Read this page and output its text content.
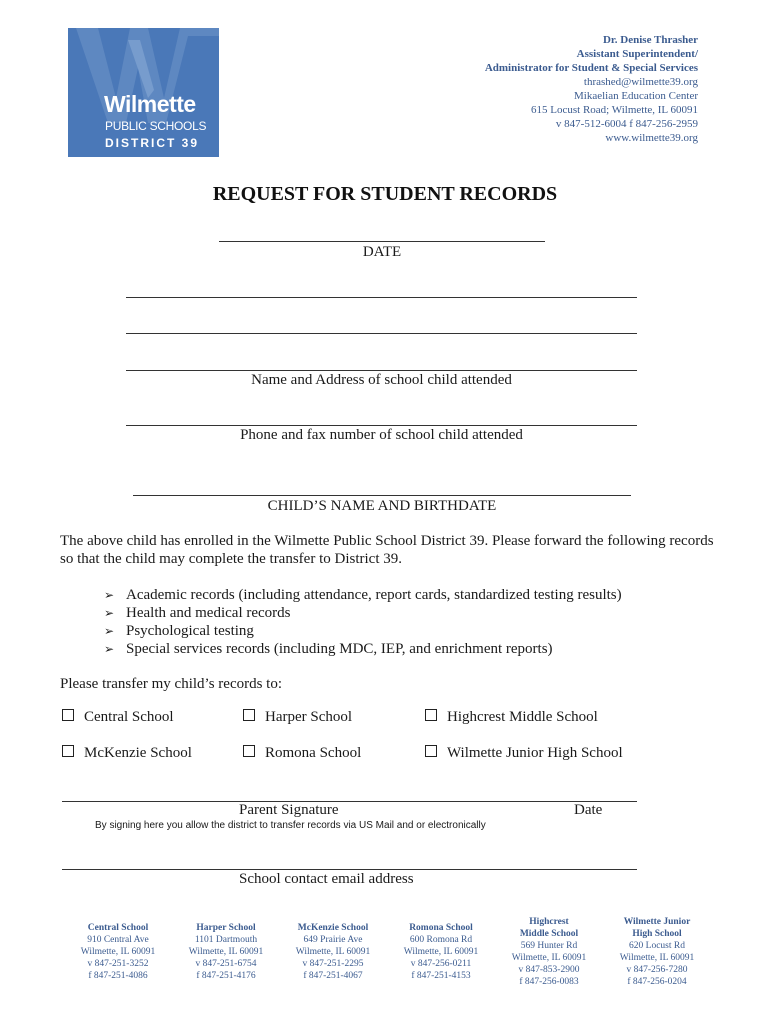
Wilmette
PUBLIC SCHOOLS
DISTRICT 39
Dr. Denise Thrasher
Assistant Superintendent/
Administrator for Student & Special Services
thrashed@wilmette39.org
Mikaelian Education Center
615 Locust Road; Wilmette, IL 60091
v 847-512-6004 f 847-256-2959
www.wilmette39.org
REQUEST FOR STUDENT RECORDS
DATE
Name and Address of school child attended
Phone and fax number of school child attended
CHILD’S NAME AND BIRTHDATE
The above child has enrolled in the Wilmette Public School District 39. Please forward the following records so that the child may complete the transfer to District 39.
➢ Academic records (including attendance, report cards, standardized testing results)
➢ Health and medical records
➢ Psychological testing
➢ Special services records (including MDC, IEP, and enrichment reports)
Please transfer my child’s records to:
Central School	Harper School	Highcrest Middle School
McKenzie School	Romona School	Wilmette Junior High School
Parent Signature	Date
By signing here you allow the district to transfer records via US Mail and or electronically
School contact email address
Central School
910 Central Ave
Wilmette, IL 60091
v 847-251-3252
f 847-251-4086
Harper School
1101 Dartmouth
Wilmette, IL 60091
v 847-251-6754
f 847-251-4176
McKenzie School
649 Prairie Ave
Wilmette, IL 60091
v 847-251-2295
f 847-251-4067
Romona School
600 Romona Rd
Wilmette, IL 60091
v 847-256-0211
f 847-251-4153
Highcrest
Middle School
569 Hunter Rd
Wilmette, IL 60091
v 847-853-2900
f 847-256-0083
Wilmette Junior
High School
620 Locust Rd
Wilmette, IL 60091
v 847-256-7280
f 847-256-0204
